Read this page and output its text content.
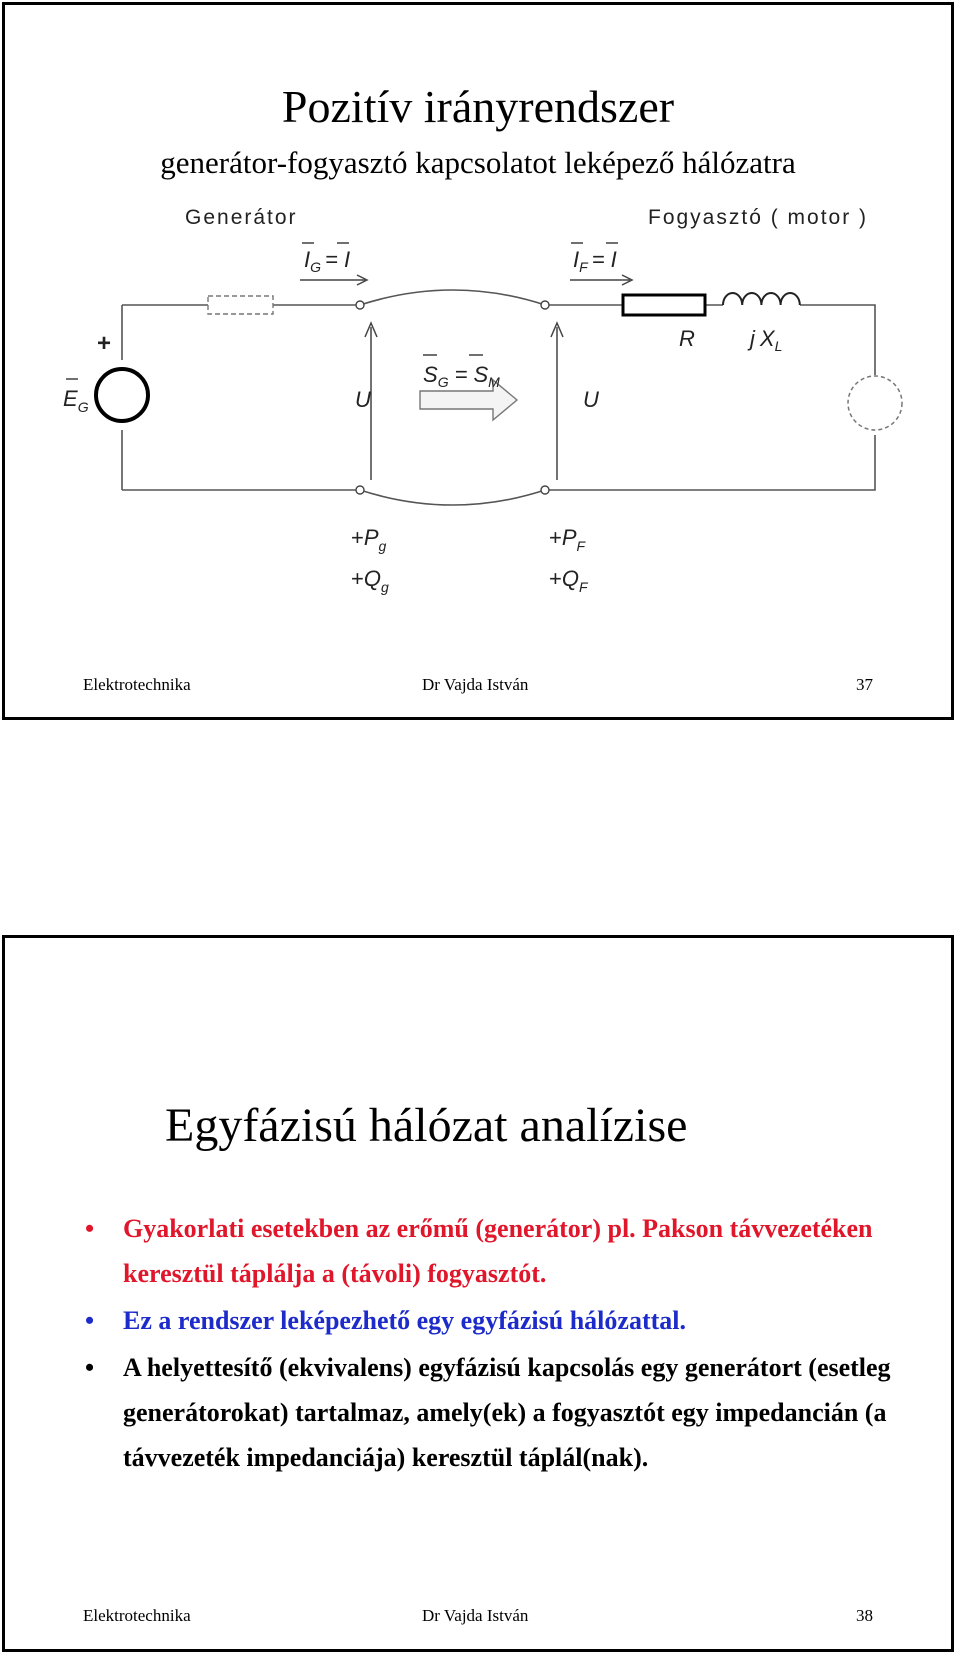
Pozitív irányrendszer
generátor-fogyasztó kapcsolatot leképező hálózatra
Generátor	Fogyasztó ( motor )
$I_G = I$	$I_F = I$
+
$E_G$	U	U
$S_G = S_M$
R	j $X_L$
$+P_g$
$+Q_g$
$+P_F$
$+Q_F$
Elektrotechnika	Dr Vajda István	37
Egyfázisú hálózat analízise
• Gyakorlati esetekben az erőmű (generátor) pl. Pakson távvezetéken keresztül táplálja a (távoli) fogyasztót.
• Ez a rendszer leképezhető egy egyfázisú hálózattal.
• A helyettesítő (ekvivalens) egyfázisú kapcsolás egy generátort (esetleg generátorokat) tartalmaz, amely(ek) a fogyasztót egy impedancián (a távvezeték impedanciája) keresztül táplál(nak).
Elektrotechnika	Dr Vajda István	38
